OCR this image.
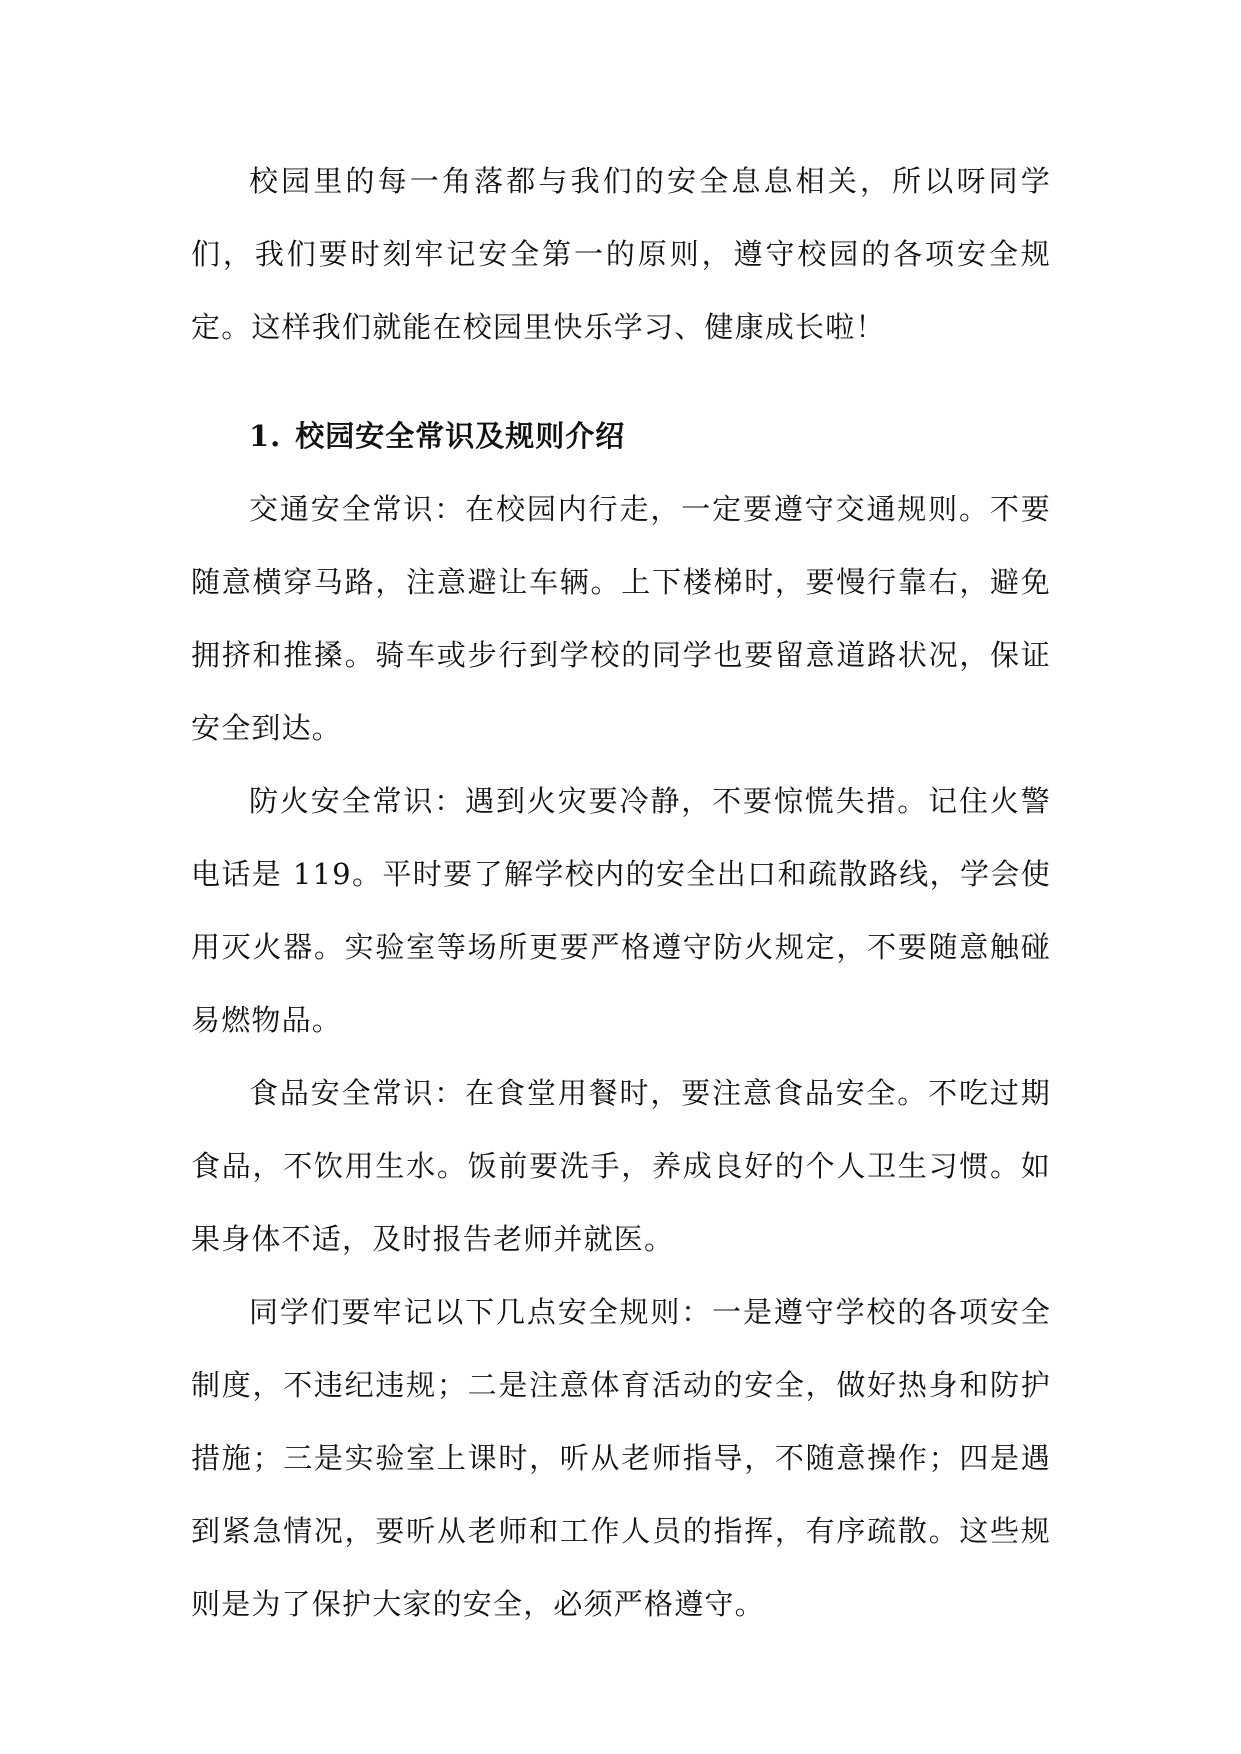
校园里的每一角落都与我们的安全息息相关，所以呀同学们，我们要时刻牢记安全第一的原则，遵守校园的各项安全规定。这样我们就能在校园里快乐学习、健康成长啦！

1. 校园安全常识及规则介绍

交通安全常识：在校园内行走，一定要遵守交通规则。不要随意横穿马路，注意避让车辆。上下楼梯时，要慢行靠右，避免拥挤和推搡。骑车或步行到学校的同学也要留意道路状况，保证安全到达。

防火安全常识：遇到火灾要冷静，不要惊慌失措。记住火警电话是 119。平时要了解学校内的安全出口和疏散路线，学会使用灭火器。实验室等场所更要严格遵守防火规定，不要随意触碰易燃物品。

食品安全常识：在食堂用餐时，要注意食品安全。不吃过期食品，不饮用生水。饭前要洗手，养成良好的个人卫生习惯。如果身体不适，及时报告老师并就医。

同学们要牢记以下几点安全规则：一是遵守学校的各项安全制度，不违纪违规；二是注意体育活动的安全，做好热身和防护措施；三是实验室上课时，听从老师指导，不随意操作；四是遇到紧急情况，要听从老师和工作人员的指挥，有序疏散。这些规则是为了保护大家的安全，必须严格遵守。
